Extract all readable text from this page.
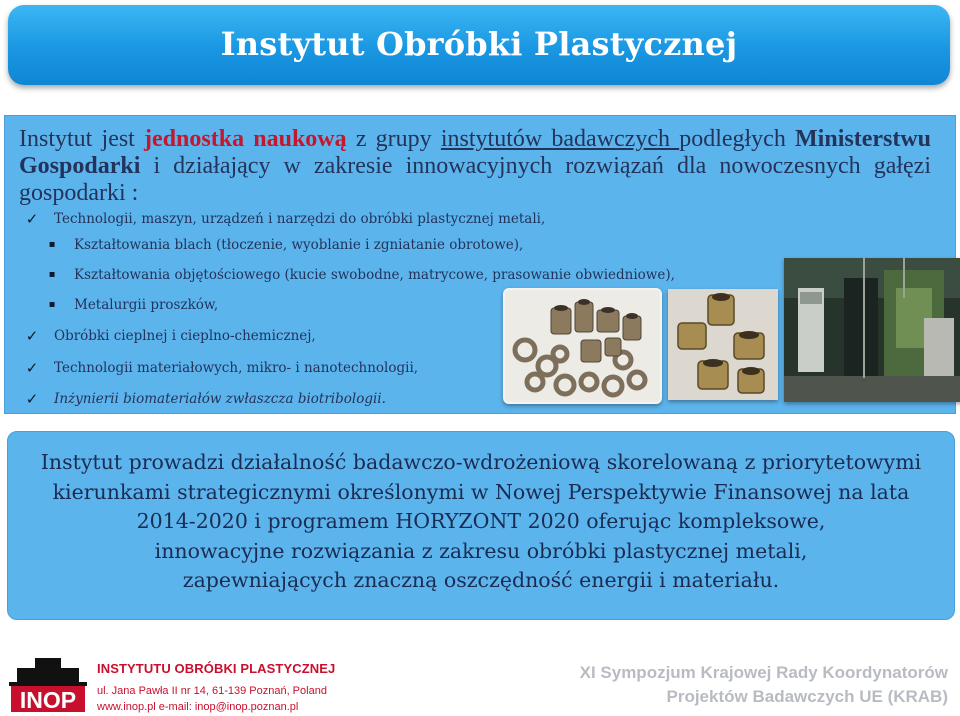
Instytut Obróbki Plastycznej
Instytut jest jednostka naukową z grupy instytutów badawczych podległych Ministerstwu Gospodarki i działający w zakresie innowacyjnych rozwiązań dla nowoczesnych gałęzi gospodarki :
✓ Technologii, maszyn, urządzeń i narzędzi do obróbki plastycznej metali,
▪	Kształtowania blach (tłoczenie, wyoblanie i zgniatanie obrotowe),
▪	Kształtowania objętościowego (kucie swobodne, matrycowe, prasowanie obwiedniowe),
▪	Metalurgii proszków,
✓ Obróbki cieplnej i cieplno-chemicznej,
✓ Technologii materiałowych, mikro- i nanotechnologii,
✓ Inżynierii biomateriałów zwłaszcza biotribologii.
Instytut prowadzi działalność badawczo-wdrożeniową skorelowaną z priorytetowymi
kierunkami strategicznymi określonymi w Nowej Perspektywie Finansowej na lata
2014-2020 i programem HORYZONT 2020 oferując kompleksowe,
innowacyjne rozwiązania z zakresu obróbki plastycznej metali,
zapewniających znaczną oszczędność energii i materiału.
INOP
INSTYTUTU OBRÓBKI PLASTYCZNEJ
ul. Jana Pawła II nr 14, 61-139 Poznań, Poland
www.inop.pl e-mail: inop@inop.poznan.pl
XI Sympozjum Krajowej Rady Koordynatorów
Projektów Badawczych UE (KRAB)
